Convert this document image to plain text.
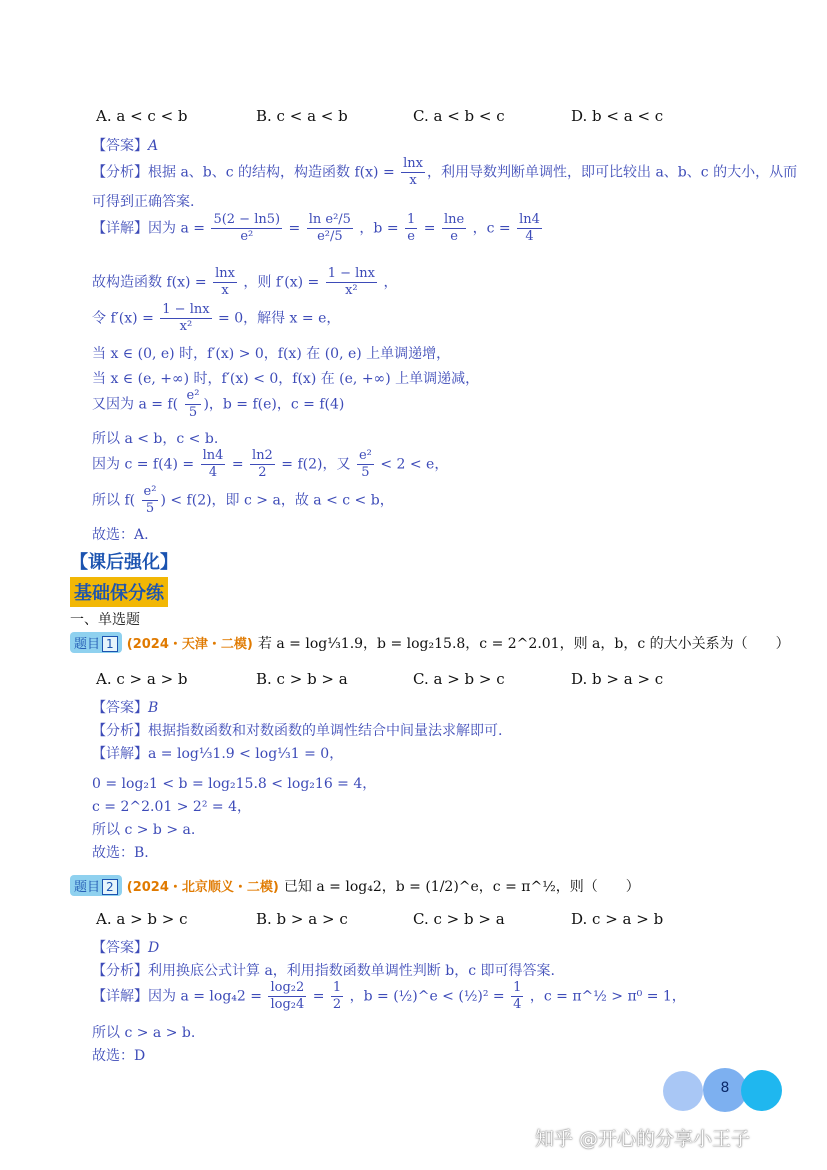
A. a < c < b	B. c < a < b	C. a < b < c	D. b < a < c
【答案】A
【分析】根据 a、b、c 的结构，构造函数 $f(x) = \frac{\ln x}{x}$ ，利用导数判断单调性，即可比较出 a、b、c 的大小，从而
可得到正确答案.
【详解】因为 $a = \frac{5(2 - \ln 5)}{\text{e²}} = \frac{\text{ln e²/5}}{\text{e²/5}}$ ，$b = \frac{1}{e} = \frac{\ln e}{e}$ ，$c = \frac{\ln 4}{4}$
故构造函数 $f(x) = \frac{\ln x}{x}$ ，则 $f'(x) = \frac{1 - \ln x}{\text{x²}}$ ，
令 $f'(x) = \frac{1 - \ln x}{\text{x²}} = 0$，解得 x = e，
当 x ∈ (0, e) 时，f′(x) > 0，f(x) 在 (0, e) 上单调递增，
当 x ∈ (e, +∞) 时，f′(x) < 0，f(x) 在 (e, +∞) 上单调递减，
又因为 $a = f( \frac{\text{e²}}{5}$ )，b = f(e)，c = f(4)
所以 a < b，c < b.
因为 $c = f(4) = \frac{\ln 4}{4} = \frac{\ln 2}{2} = f(2)$，又 $\frac{\text{e²}}{5} < 2 < e$，
所以 $f( \frac{\text{e²}}{5}$ ) < f(2)，即 c > a，故 a < c < b，
故选：A.
【课后强化】
基础保分练
一、单选题
题目 1 (2024・天津・二模) 若 a = log⅓1.9，b = log₂15.8，c = 2^2.01，则 a，b，c 的大小关系为（　　）
A. c > a > b	B. c > b > a	C. a > b > c	D. b > a > c
【答案】B
【分析】根据指数函数和对数函数的单调性结合中间量法求解即可.
【详解】a = log⅓1.9 < log⅓1 = 0，
0 = log₂1 < b = log₂15.8 < log₂16 = 4，
c = 2^2.01 > 2² = 4，
所以 c > b > a.
故选：B.
题目 2 (2024・北京顺义・二模) 已知 a = log₄2，b = (1/2)^e，c = π^½，则（　　）
A. a > b > c	B. b > a > c	C. c > b > a	D. c > a > b
【答案】D
【分析】利用换底公式计算 a，利用指数函数单调性判断 b，c 即可得答案.
【详解】因为 $a = \log_42 = \frac{\text{log₂2}}{\text{log₂4}} = \frac{1}{2}$ ，b = (½)^e < (½)² = $\frac{1}{4}$ ，c = π^½ > π⁰ = 1，
所以 c > a > b.
故选：D
8
知乎 @开心的分享小王子
